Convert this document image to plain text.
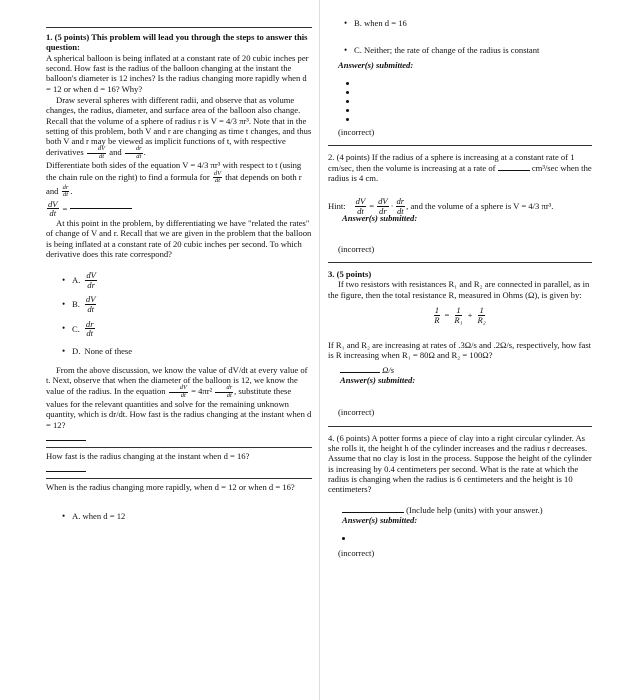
1. (5 points) This problem will lead you through the steps to answer this question:

A spherical balloon is being inflated at a constant rate of 20 cubic inches per second. How fast is the radius of the balloon changing at the instant the balloon's diameter is 12 inches? Is the radius changing more rapidly when d = 12 or when d = 16? Why?

Draw several spheres with different radii, and observe that as volume changes, the radius, diameter, and surface area of the balloon also change. Recall that the volume of a sphere of radius r is V = 4/3 πr³. Note that in the setting of this problem, both V and r are changing as time t changes, and thus both V and r may be viewed as implicit functions of t, with respective derivatives $\frac{dV}{dt}$ and $\frac{dr}{dt}$ .

Differentiate both sides of the equation V = 4/3 πr³ with respect to t (using the chain rule on the right) to find a formula for $\frac{dV}{dt}$ that depends on both r and $\frac{dr}{dt}$ .

$\frac{dV}{dt}$ =

At this point in the problem, by differentiating we have "related the rates" of change of V and r. Recall that we are given in the problem that the balloon is being inflated at a constant rate of 20 cubic inches per second. To which derivative does this rate correspond?

• A. $\frac{dV}{dr}$
• B. $\frac{dV}{dt}$
• C. $\frac{dr}{dt}$
• D. None of these

From the above discussion, we know the value of dV/dt at every value of t. Next, observe that when the diameter of the balloon is 12, we know the value of the radius. In the equation $\frac{dV}{dt} = 4\pi r^2 \frac{dr}{dt}$ , substitute these values for the relevant quantities and solve for the remaining unknown quantity, which is dr/dt. How fast is the radius changing at the instant when d = 12?

How fast is the radius changing at the instant when d = 16?

When is the radius changing more rapidly, when d = 12 or when d = 16?

• A. when d = 12
• B. when d = 16
• C. Neither; the rate of change of the radius is constant

Answer(s) submitted:

(incorrect)

2. (4 points) If the radius of a sphere is increasing at a constant rate of 1 cm/sec, then the volume is increasing at a rate of	cm³/sec when the radius is 4 cm.

Hint: $\frac{dV}{dt} = \frac{dV}{dr} \cdot \frac{dr}{dt}$ , and the volume of a sphere is V = 4/3 πr³.

Answer(s) submitted:

(incorrect)

3. (5 points)

If two resistors with resistances R₁ and R₂ are connected in parallel, as in the figure, then the total resistance R, measured in Ohms (Ω), is given by:

$\frac{1}{R} = \frac{1}{\text{R₁}} + \frac{1}{\text{R₂}}$

If R₁ and R₂ are increasing at rates of .3Ω/s and .2Ω/s, respectively, how fast is R increasing when R₁ = 80Ω and R₂ = 100Ω?

Ω/s

Answer(s) submitted:

(incorrect)

4. (6 points) A potter forms a piece of clay into a right circular cylinder. As she rolls it, the height h of the cylinder increases and the radius r decreases. Assume that no clay is lost in the process. Suppose the height of the cylinder is increasing by 0.4 centimeters per second. What is the rate at which the radius is changing when the radius is 6 centimeters and the height is 10 centimeters?

(Include help (units) with your answer.)

Answer(s) submitted:

(incorrect)
